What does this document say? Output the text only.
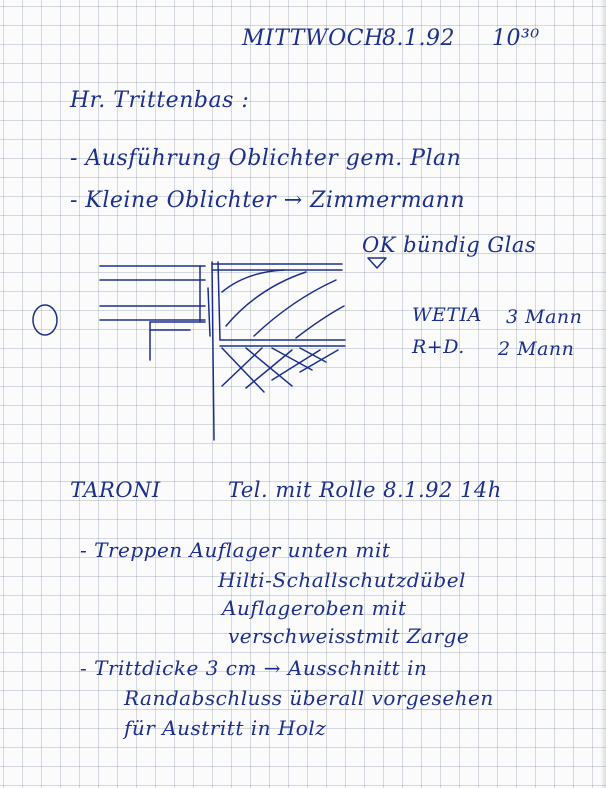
MITTWOCH
8.1.92 10³⁰
Hr. Trittenbas :
- Ausführung Oblichter gem. Plan
- Kleine Oblichter → Zimmermann
OK bündig Glas
WETIA 3 Mann
R+D. 2 Mann
TARONI	Tel. mit Rolle 8.1.92 14h
- Treppen Auflager unten mit
Hilti-Schallschutzdübel
Auflageroben mit
verschweisstmit Zarge
- Trittdicke 3 cm → Ausschnitt in
Randabschluss überall vorgesehen
für Austritt in Holz
